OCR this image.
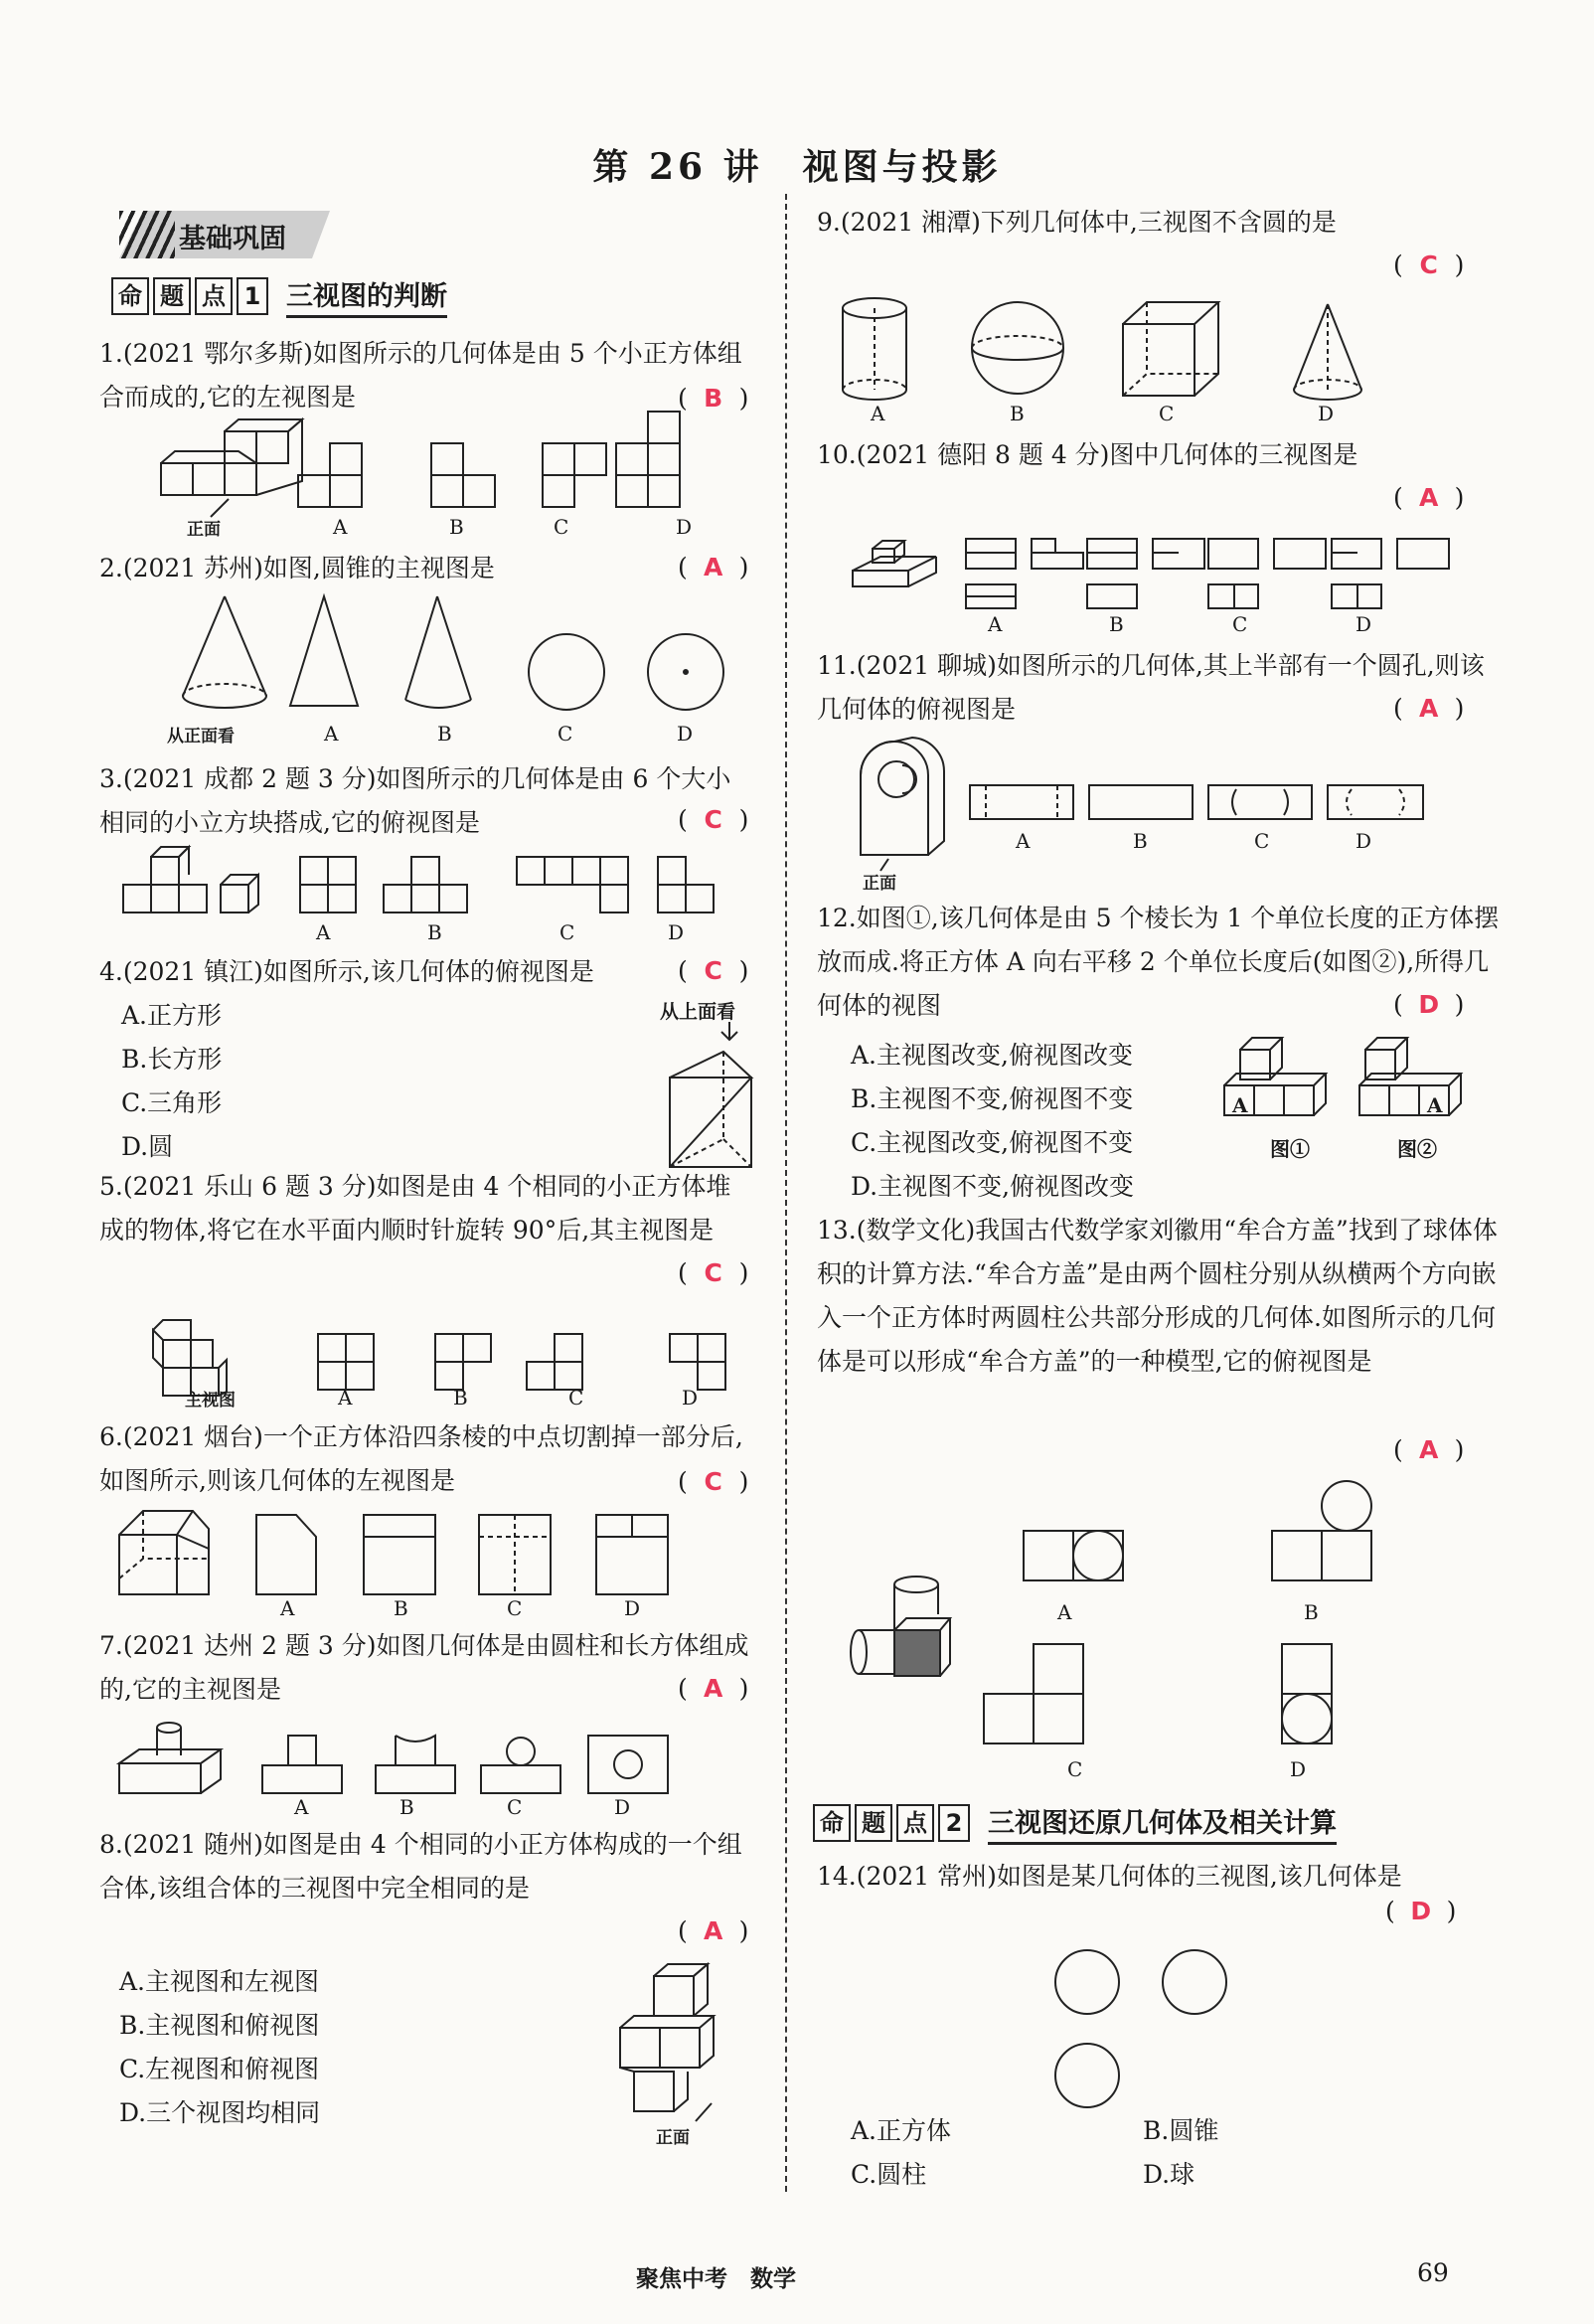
第 26 讲　视图与投影
基础巩固
命 题 点 1 三视图的判断
1.(2021 鄂尔多斯)如图所示的几何体是由 5 个小正方体组合而成的,它的左视图是	( B )
正面	A	B	C	D
2.(2021 苏州)如图,圆锥的主视图是	( A )
从正面看	A	B	C	D
3.(2021 成都 2 题 3 分)如图所示的几何体是由 6 个大小相同的小立方块搭成,它的俯视图是	( C )
A	B	C	D
4.(2021 镇江)如图所示,该几何体的俯视图是	( C )
A.正方形
B.长方形
C.三角形
D.圆
从上面看
5.(2021 乐山 6 题 3 分)如图是由 4 个相同的小正方体堆成的物体,将它在水平面内顺时针旋转 90°后,其主视图是
( C )
主视图	A	B	C	D
6.(2021 烟台)一个正方体沿四条棱的中点切割掉一部分后,如图所示,则该几何体的左视图是	( C )
A	B	C	D
7.(2021 达州 2 题 3 分)如图几何体是由圆柱和长方体组成的,它的主视图是	( A )
A	B	C	D
8.(2021 随州)如图是由 4 个相同的小正方体构成的一个组合体,该组合体的三视图中完全相同的是
( A )
A.主视图和左视图
B.主视图和俯视图
C.左视图和俯视图
D.三个视图均相同
正面
9.(2021 湘潭)下列几何体中,三视图不含圆的是
( C )
A	B	C	D
10.(2021 德阳 8 题 4 分)图中几何体的三视图是
( A )
A	B	C	D
11.(2021 聊城)如图所示的几何体,其上半部有一个圆孔,则该几何体的俯视图是	( A )
正面
A	B	C	D
12.如图①,该几何体是由 5 个棱长为 1 个单位长度的正方体摆放而成.将正方体 A 向右平移 2 个单位长度后(如图②),所得几何体的视图	( D )
A.主视图改变,俯视图改变
B.主视图不变,俯视图不变
C.主视图改变,俯视图不变
D.主视图不变,俯视图改变
A	A
图①	图②
13.(数学文化)我国古代数学家刘徽用“牟合方盖”找到了球体体积的计算方法.“牟合方盖”是由两个圆柱分别从纵横两个方向嵌入一个正方体时两圆柱公共部分形成的几何体.如图所示的几何体是可以形成“牟合方盖”的一种模型,它的俯视图是
( A )
A	B
C	D
命 题 点 2 三视图还原几何体及相关计算
14.(2021 常州)如图是某几何体的三视图,该几何体是
( D )
A.正方体	B.圆锥
C.圆柱	D.球
聚焦中考　数学	69
